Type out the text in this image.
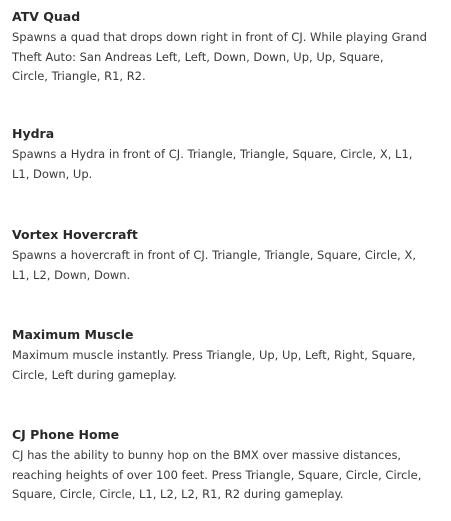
ATV Quad
Spawns a quad that drops down right in front of CJ. While playing Grand
Theft Auto: San Andreas Left, Left, Down, Down, Up, Up, Square,
Circle, Triangle, R1, R2.
Hydra
Spawns a Hydra in front of CJ. Triangle, Triangle, Square, Circle, X, L1,
L1, Down, Up.
Vortex Hovercraft
Spawns a hovercraft in front of CJ. Triangle, Triangle, Square, Circle, X,
L1, L2, Down, Down.
Maximum Muscle
Maximum muscle instantly. Press Triangle, Up, Up, Left, Right, Square,
Circle, Left during gameplay.
CJ Phone Home
CJ has the ability to bunny hop on the BMX over massive distances,
reaching heights of over 100 feet. Press Triangle, Square, Circle, Circle,
Square, Circle, Circle, L1, L2, L2, R1, R2 during gameplay.
